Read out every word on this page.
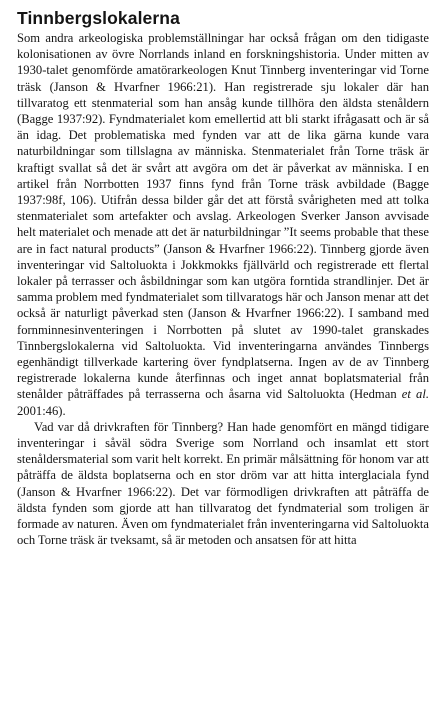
Tinnbergslokalerna

Som andra arkeologiska problemställningar har också frågan om den tidigaste kolonisationen av övre Norrlands inland en forskningshistoria. Under mitten av 1930-talet genomförde amatörarkeologen Knut Tinnberg inventeringar vid Torne träsk (Janson & Hvarfner 1966:21). Han registrerade sju lokaler där han tillvaratog ett stenmaterial som han ansåg kunde tillhöra den äldsta stenåldern (Bagge 1937:92). Fyndmaterialet kom emellertid att bli starkt ifrågasatt och är så än idag. Det problematiska med fynden var att de lika gärna kunde vara naturbildningar som tillslagna av människa. Stenmaterialet från Torne träsk är kraftigt svallat så det är svårt att avgöra om det är påverkat av människa. I en artikel från Norrbotten 1937 finns fynd från Torne träsk avbildade (Bagge 1937:98f, 106). Utifrån dessa bilder går det att förstå svårigheten med att tolka stenmaterialet som artefakter och avslag. Arkeologen Sverker Janson avvisade helt materialet och menade att det är naturbildningar ”It seems probable that these are in fact natural products” (Janson & Hvarfner 1966:22). Tinnberg gjorde även inventeringar vid Saltoluokta i Jokkmokks fjällvärld och registrerade ett flertal lokaler på terrasser och åsbildningar som kan utgöra forntida strandlinjer. Det är samma problem med fyndmaterialet som tillvaratogs här och Janson menar att det också är naturligt påverkad sten (Janson & Hvarfner 1966:22). I samband med fornminnesinventeringen i Norrbotten på slutet av 1990-talet granskades Tinnbergslokalerna vid Saltoluokta. Vid inventeringarna användes Tinnbergs egenhändigt tillverkade kartering över fyndplatserna. Ingen av de av Tinnberg registrerade lokalerna kunde återfinnas och inget annat boplatsmaterial från stenålder påträffades på terrasserna och åsarna vid Saltoluokta (Hedman et al. 2001:46).

Vad var då drivkraften för Tinnberg? Han hade genomfört en mängd tidigare inventeringar i såväl södra Sverige som Norrland och insamlat ett stort stenåldersmaterial som varit helt korrekt. En primär målsättning för honom var att påträffa de äldsta boplatserna och en stor dröm var att hitta interglaciala fynd (Janson & Hvarfner 1966:22). Det var förmodligen drivkraften att påträffa de äldsta fynden som gjorde att han tillvaratog det fyndmaterial som troligen är formade av naturen. Även om fyndmaterialet från inventeringarna vid Saltoluokta och Torne träsk är tveksamt, så är metoden och ansatsen för att hitta
